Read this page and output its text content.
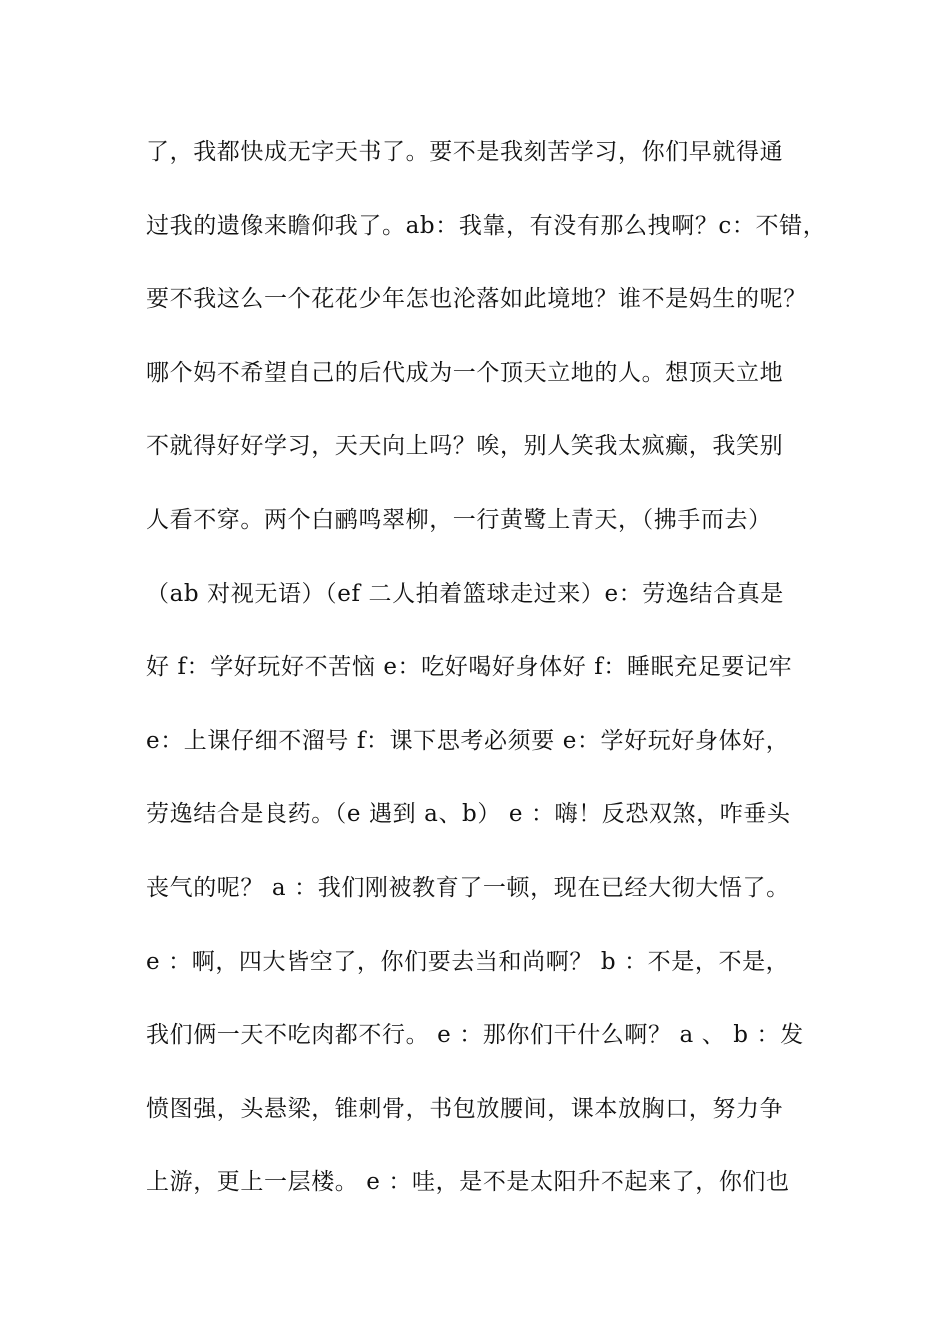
了，我都快成无字天书了。要不是我刻苦学习，你们早就得通
过我的遗像来瞻仰我了。ab：我靠，有没有那么拽啊？c：不错，
要不我这么一个花花少年怎也沦落如此境地？谁不是妈生的呢？
哪个妈不希望自己的后代成为一个顶天立地的人。想顶天立地
不就得好好学习，天天向上吗？唉，别人笑我太疯癫，我笑别
人看不穿。两个白鹂鸣翠柳，一行黄鹭上青天，（拂手而去）
（ab 对视无语）（ef 二人拍着篮球走过来）e：劳逸结合真是
好 f：学好玩好不苦恼 e：吃好喝好身体好 f：睡眠充足要记牢
e：上课仔细不溜号 f：课下思考必须要 e：学好玩好身体好，
劳逸结合是良药。（e 遇到 a、b） e ：嗨！反恐双煞，咋垂头
丧气的呢？ a ：我们刚被教育了一顿，现在已经大彻大悟了。
e ：啊，四大皆空了，你们要去当和尚啊？ b ：不是，不是，
我们俩一天不吃肉都不行。 e ：那你们干什么啊？ a 、 b ：发
愤图强，头悬梁，锥刺骨，书包放腰间，课本放胸口，努力争
上游，更上一层楼。 e ：哇，是不是太阳升不起来了，你们也
